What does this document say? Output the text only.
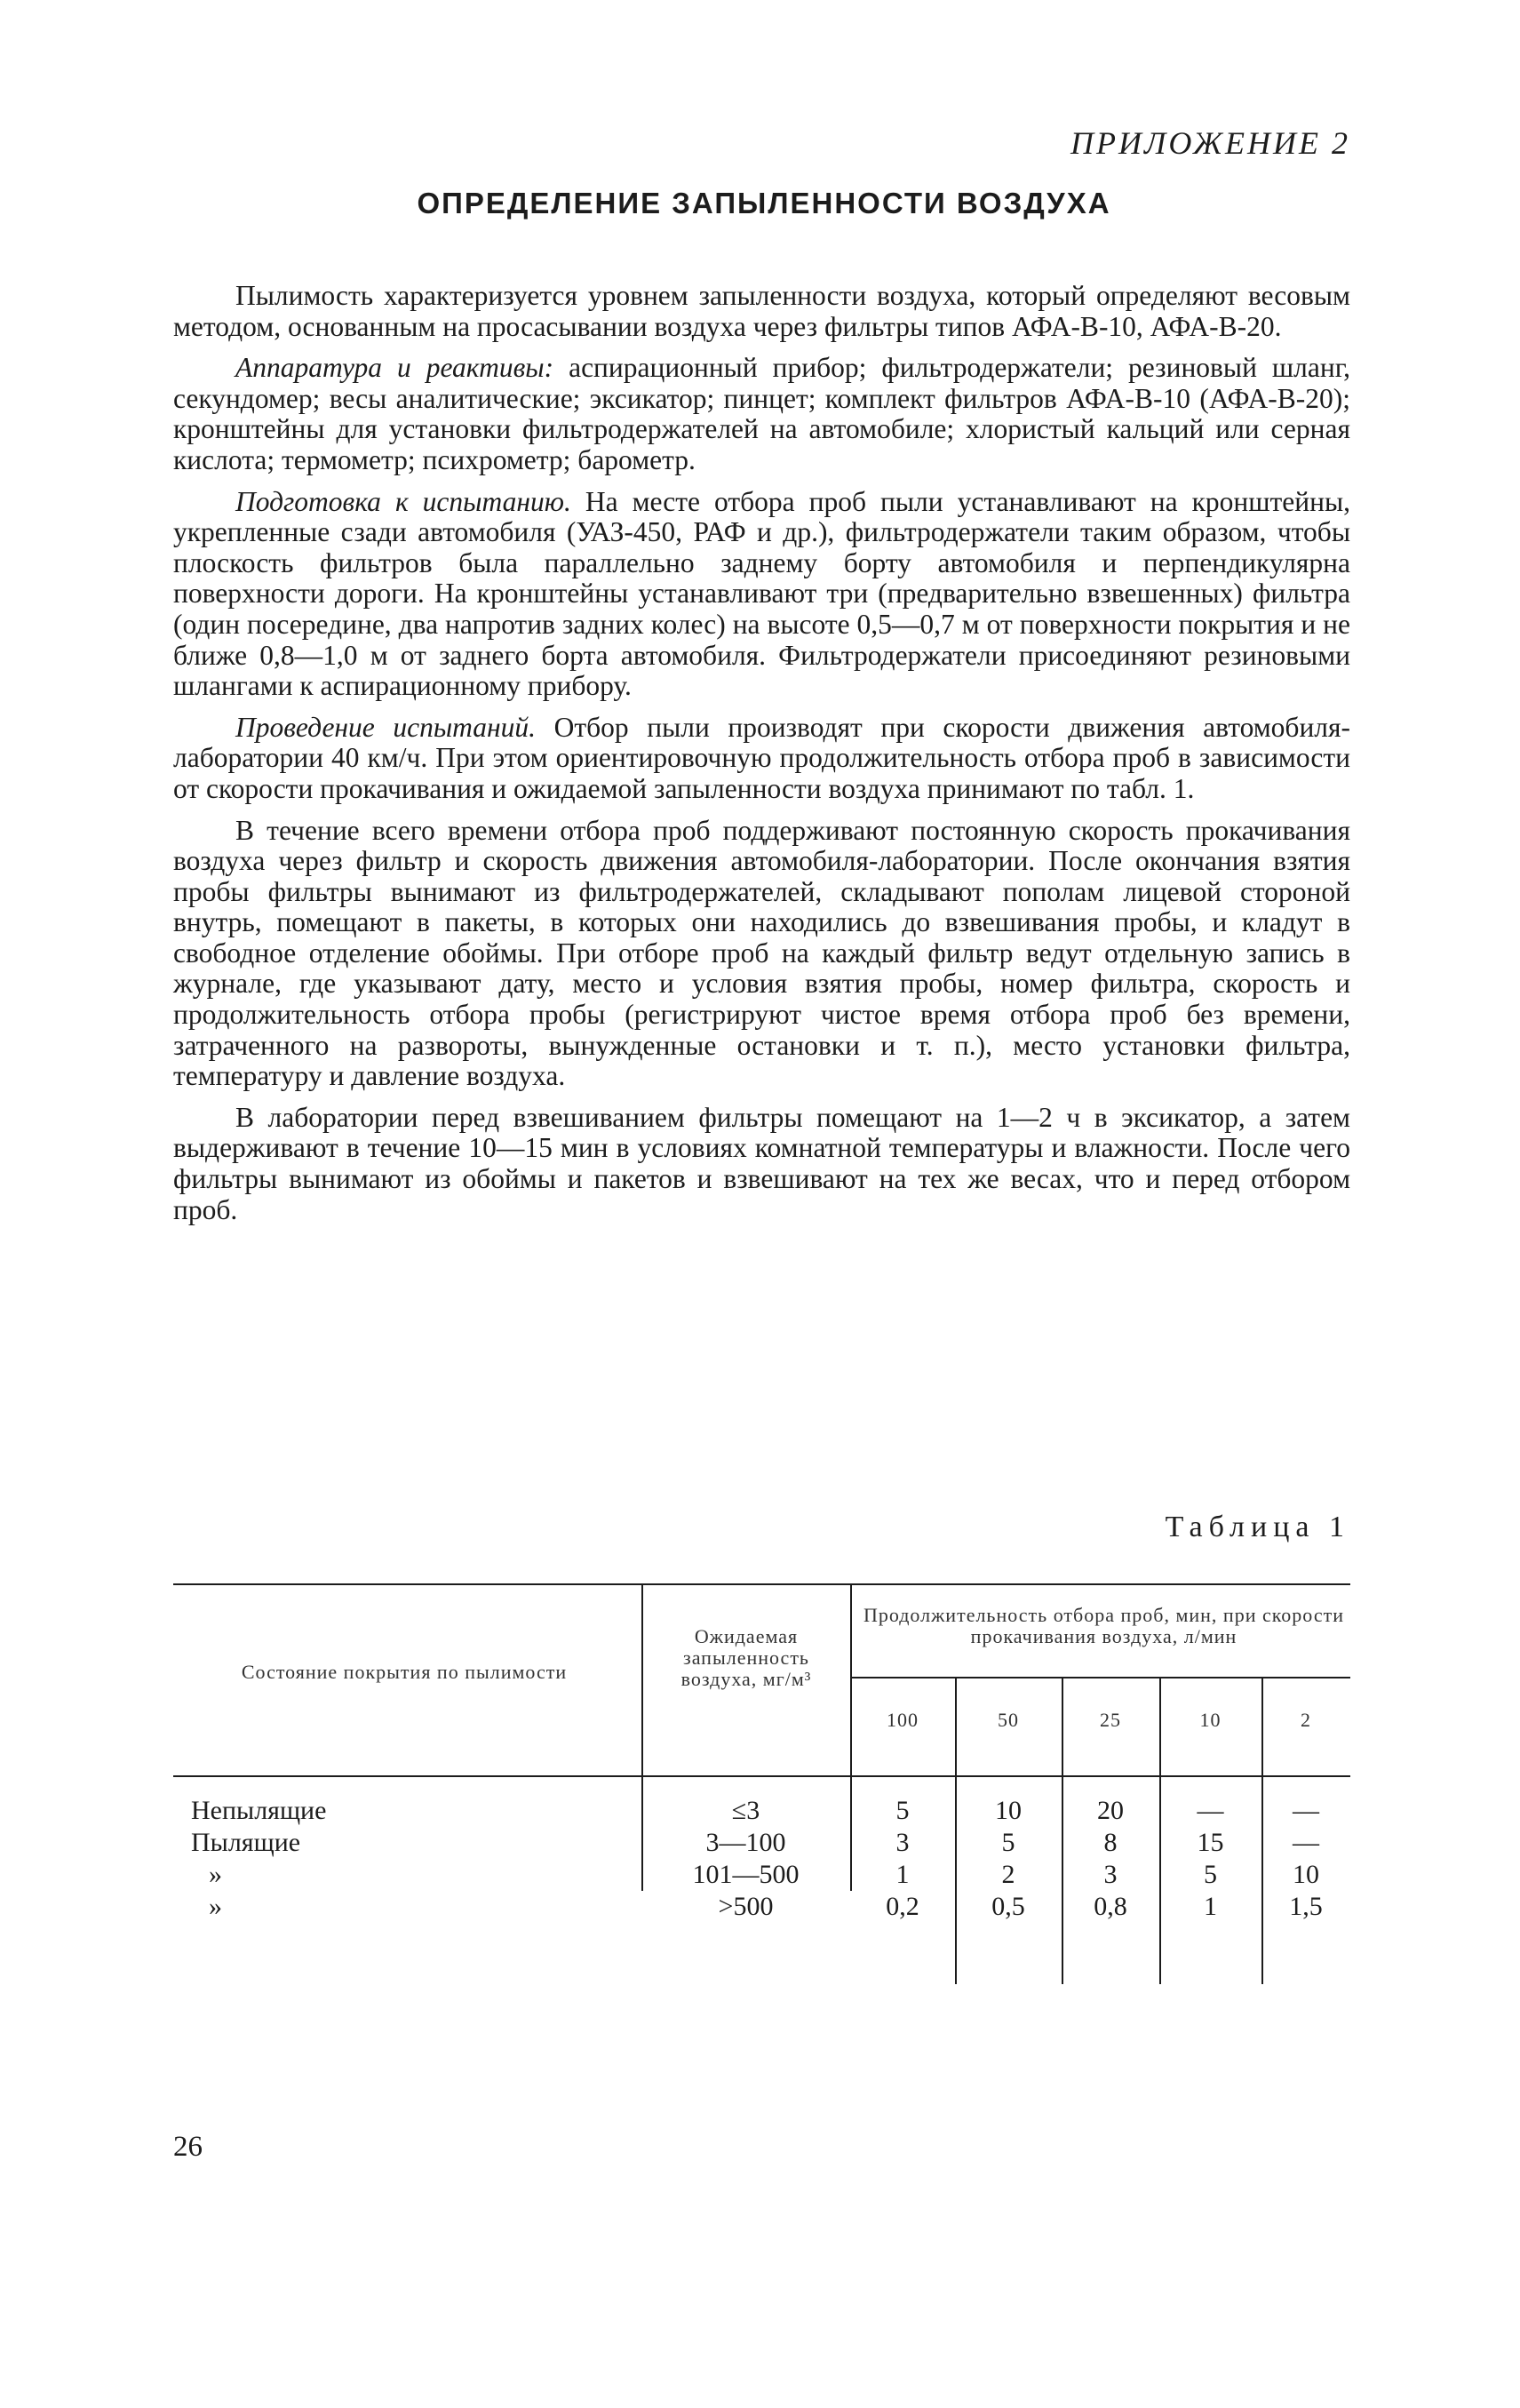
ПРИЛОЖЕНИЕ 2
ОПРЕДЕЛЕНИЕ ЗАПЫЛЕННОСТИ ВОЗДУХА

Пылимость характеризуется уровнем запыленности воздуха, который определяют весовым методом, основанным на просасывании воздуха через фильтры типов АФА-В-10, АФА-В-20.

Аппаратура и реактивы: аспирационный прибор; фильтродержатели; резиновый шланг, секундомер; весы аналитические; эксикатор; пинцет; комплект фильтров АФА-В-10 (АФА-В-20); кронштейны для установки фильтродержателей на автомобиле; хлористый кальций или серная кислота; термометр; психрометр; барометр.

Подготовка к испытанию. На месте отбора проб пыли устанавливают на кронштейны, укрепленные сзади автомобиля (УАЗ-450, РАФ и др.), фильтродержатели таким образом, чтобы плоскость фильтров была параллельно заднему борту автомобиля и перпендикулярна поверхности дороги. На кронштейны устанавливают три (предварительно взвешенных) фильтра (один посередине, два напротив задних колес) на высоте 0,5—0,7 м от поверхности покрытия и не ближе 0,8—1,0 м от заднего борта автомобиля. Фильтродержатели присоединяют резиновыми шлангами к аспирационному прибору.

Проведение испытаний. Отбор пыли производят при скорости движения автомобиля-лаборатории 40 км/ч. При этом ориентировочную продолжительность отбора проб в зависимости от скорости прокачивания и ожидаемой запыленности воздуха принимают по табл. 1.

В течение всего времени отбора проб поддерживают постоянную скорость прокачивания воздуха через фильтр и скорость движения автомобиля-лаборатории. После окончания взятия пробы фильтры вынимают из фильтродержателей, складывают пополам лицевой стороной внутрь, помещают в пакеты, в которых они находились до взвешивания пробы, и кладут в свободное отделение обоймы. При отборе проб на каждый фильтр ведут отдельную запись в журнале, где указывают дату, место и условия взятия пробы, номер фильтра, скорость и продолжительность отбора пробы (регистрируют чистое время отбора проб без времени, затраченного на развороты, вынужденные остановки и т. п.), место установки фильтра, температуру и давление воздуха.

В лаборатории перед взвешиванием фильтры помещают на 1—2 ч в эксикатор, а затем выдерживают в течение 10—15 мин в условиях комнатной температуры и влажности. После чего фильтры вынимают из обоймы и пакетов и взвешивают на тех же весах, что и перед отбором проб.

Таблица 1
Состояние покрытия по пылимости
Ожидаемая запыленность воздуха, мг/м³
Продолжительность отбора проб, мин, при скорости прокачивания воздуха, л/мин
100	50	25	10	2
Непылящие	≤3	5	10	20	—	—
Пылящие	3—100	3	5	8	15	—
»	101—500	1	2	3	5	10
»	>500	0,2	0,5	0,8	1	1,5
26
